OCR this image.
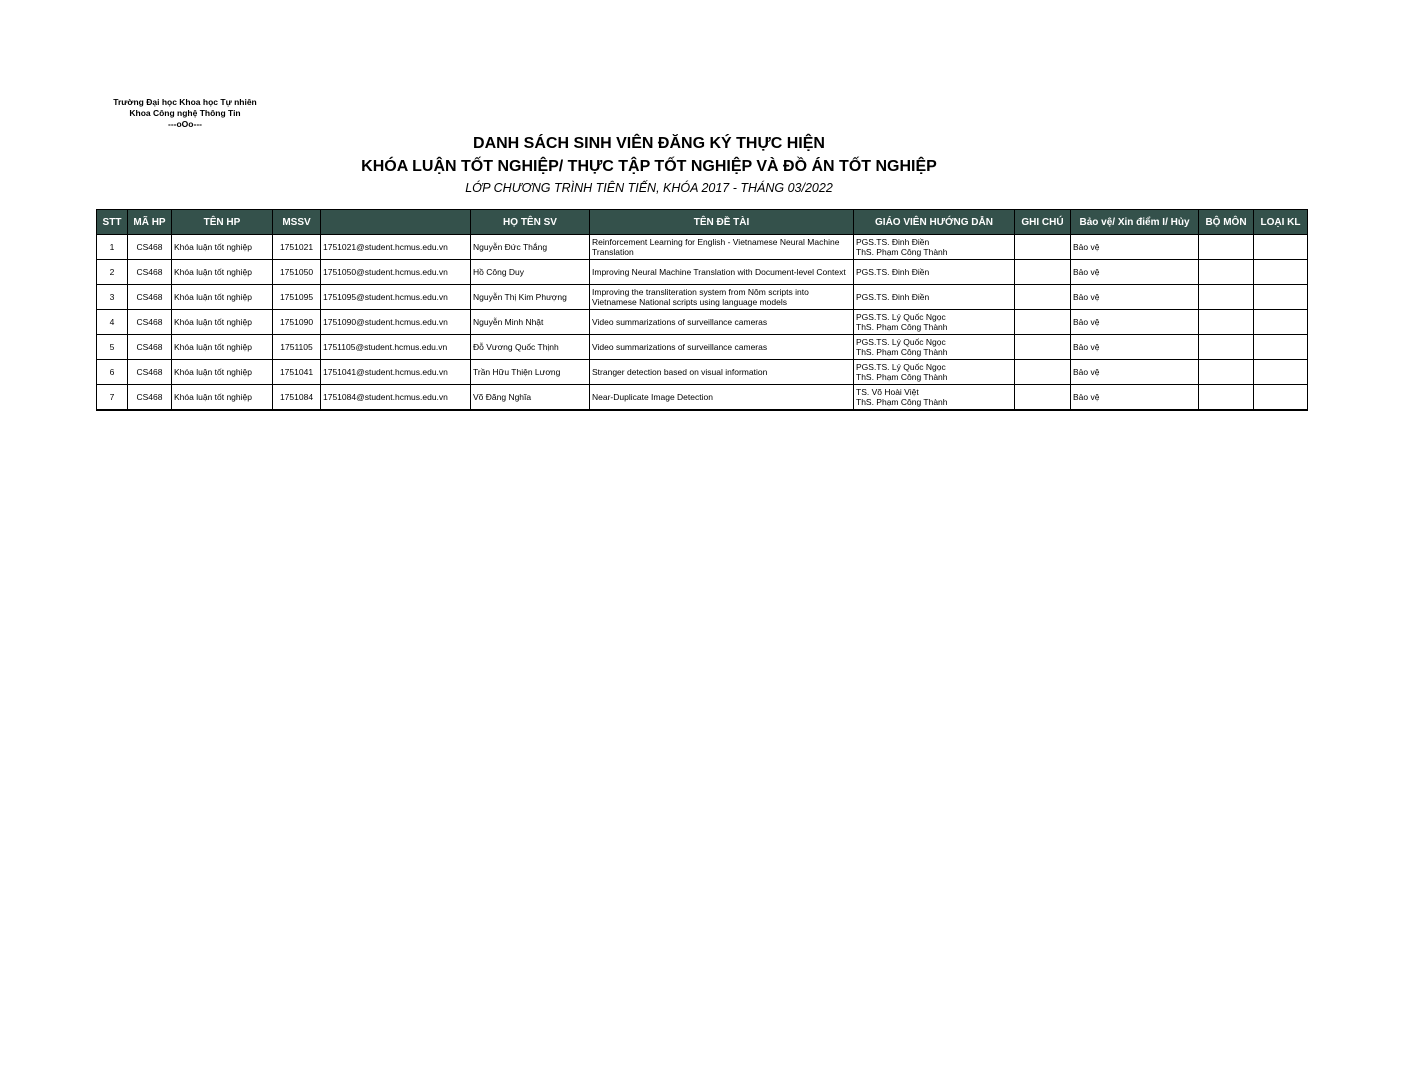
Trường Đại học Khoa học Tự nhiên
Khoa Công nghệ Thông Tin
---oOo---
DANH SÁCH SINH VIÊN ĐĂNG KÝ THỰC HIỆN
KHÓA LUẬN TỐT NGHIỆP/ THỰC TẬP TỐT NGHIỆP VÀ ĐỒ ÁN TỐT NGHIỆP
LỚP CHƯƠNG TRÌNH TIÊN TIẾN, KHÓA 2017 - THÁNG 03/2022
STT	MÃ HP	TÊN HP	MSSV		HỌ TÊN SV	TÊN ĐỀ TÀI	GIÁO VIÊN HƯỚNG DẪN	GHI CHÚ	Bảo vệ/ Xin điểm I/ Hủy	BỘ MÔN	LOẠI KL
1	CS468	Khóa luận tốt nghiệp	1751021	1751021@student.hcmus.edu.vn	Nguyễn Đức Thắng	Reinforcement Learning for English - Vietnamese Neural Machine Translation	PGS.TS. Đinh Điền
ThS. Phạm Công Thành		Bảo vệ		
2	CS468	Khóa luận tốt nghiệp	1751050	1751050@student.hcmus.edu.vn	Hồ Công Duy	Improving Neural Machine Translation with Document-level Context	PGS.TS. Đinh Điền		Bảo vệ		
3	CS468	Khóa luận tốt nghiệp	1751095	1751095@student.hcmus.edu.vn	Nguyễn Thị Kim Phượng	Improving the transliteration system from Nôm scripts into Vietnamese National scripts using language models	PGS.TS. Đinh Điền		Bảo vệ		
4	CS468	Khóa luận tốt nghiệp	1751090	1751090@student.hcmus.edu.vn	Nguyễn Minh Nhật	Video summarizations of surveillance cameras	PGS.TS. Lý Quốc Ngọc
ThS. Phạm Công Thành		Bảo vệ		
5	CS468	Khóa luận tốt nghiệp	1751105	1751105@student.hcmus.edu.vn	Đỗ Vương Quốc Thịnh	Video summarizations of surveillance cameras	PGS.TS. Lý Quốc Ngọc
ThS. Phạm Công Thành		Bảo vệ		
6	CS468	Khóa luận tốt nghiệp	1751041	1751041@student.hcmus.edu.vn	Trần Hữu Thiện Lương	Stranger detection based on visual information	PGS.TS. Lý Quốc Ngọc
ThS. Phạm Công Thành		Bảo vệ		
7	CS468	Khóa luận tốt nghiệp	1751084	1751084@student.hcmus.edu.vn	Võ Đăng Nghĩa	Near-Duplicate Image Detection	TS. Võ Hoài Việt
ThS. Phạm Công Thành		Bảo vệ		
